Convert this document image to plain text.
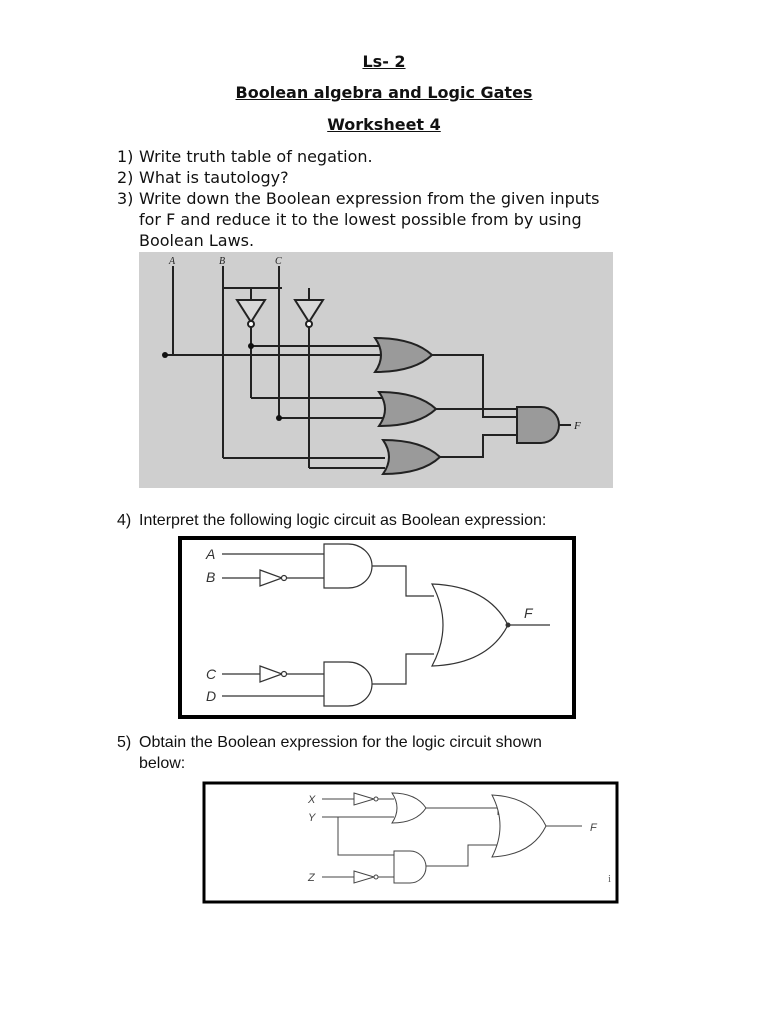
Ls- 2
Boolean algebra and Logic Gates
Worksheet 4
1) Write truth table of negation.
2) What is tautology?
3) Write down the Boolean expression from the given inputs
for F and reduce it to the lowest possible from by using
Boolean Laws.
A	B	C
F
4) Interpret the following logic circuit as Boolean expression:
A
B
C
D
F
5) Obtain the Boolean expression for the logic circuit shown
below:
X
Y
Z
F
i
